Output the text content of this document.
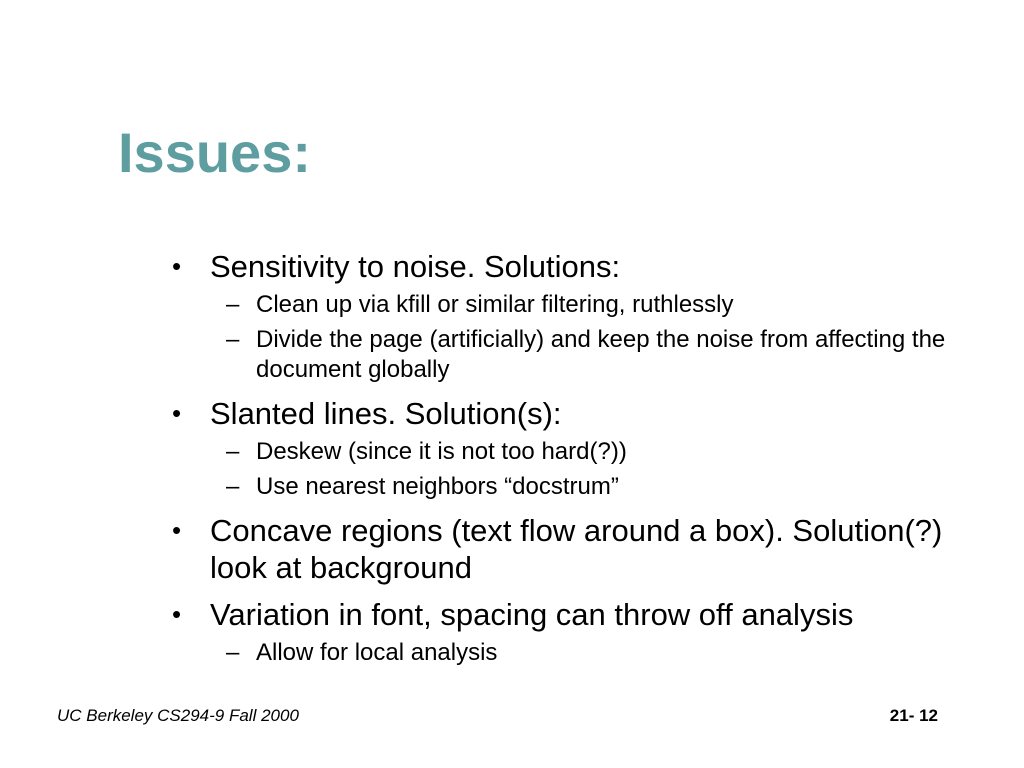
Issues:
• Sensitivity to noise. Solutions:
– Clean up via kfill or similar filtering, ruthlessly
– Divide the page (artificially) and keep the noise from affecting the document globally
• Slanted lines. Solution(s):
– Deskew (since it is not too hard(?))
– Use nearest neighbors “docstrum”
• Concave regions (text flow around a box). Solution(?) look at background
• Variation in font, spacing can throw off analysis
– Allow for local analysis
UC Berkeley CS294-9 Fall 2000	21- 12
